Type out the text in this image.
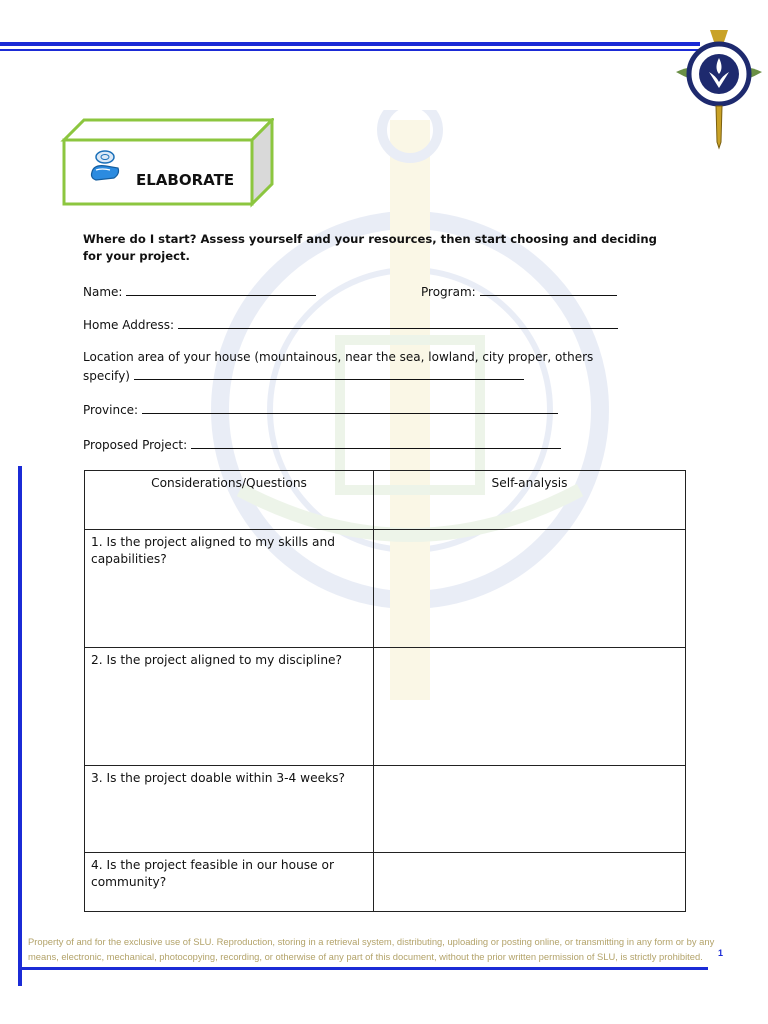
ELABORATE
Where do I start? Assess yourself and your resources, then start choosing and deciding for your project.
Name:	Program:
Home Address:
Location area of your house (mountainous, near the sea, lowland, city proper, others
specify)
Province:
Proposed Project:
Considerations/Questions	Self-analysis
1. Is the project aligned to my skills and capabilities?	
2. Is the project aligned to my discipline?	
3. Is the project doable within 3-4 weeks?	
4. Is the project feasible in our house or community?	
Property of and for the exclusive use of SLU. Reproduction, storing in a retrieval system, distributing, uploading or posting online, or transmitting in any form or by any means, electronic, mechanical, photocopying, recording, or otherwise of any part of this document, without the prior written permission of SLU, is strictly prohibited.	1
